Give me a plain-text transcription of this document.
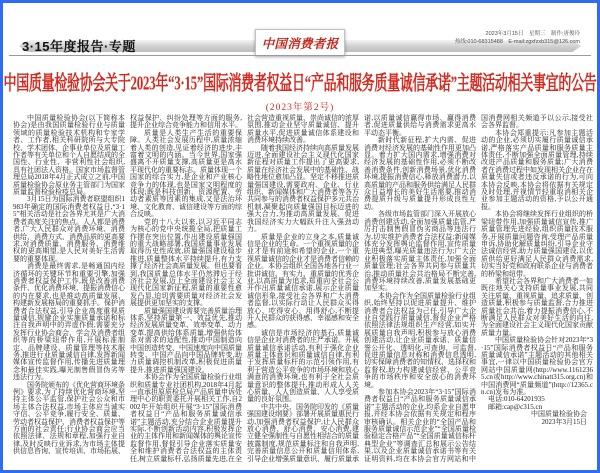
3·15年度报告·专题	中国消费者报
2023年3月15日　星期三　制作:唐俊玲
热线:010-68315488　E-mail:zgxfzxb315@126.com
中国质量检验协会关于2023年“3·15”国际消费者权益日“产品和服务质量诚信承诺”主题活动相关事宜的公告
(2023年第2号)

中国质量检验协会(以下简称本协会)是由我国质量检验行业与质量领域的质量检验技术机构和专家学者、工作者,相关科研院所与大专院校、学术团体、企事业单位及质量工作者等有关单位和个人自愿结成的全国性、行业性、非营利性社会组织,具有社团法人资格。国家市场监督管理总局2018年4月正式成立之前,中国质量检验协会原业务主管部门为国家质量监督检验检疫总局。

3月15日为国际消费者联盟组织1983年确定的国际消费者权益日,“3·15”相关活动是社会各界尤其是广大消费者高度关注的焦点。人人都是消费者,广大人民群众对消费环境、消费供给、消费方式、消费品质的更高要求,对消费质量、消费服务、消费维权的更高期望,是人民对美好生活需要的重要体现。

消费是最终需求,是畅通国内经济循环的关键环节和重要引擎,加强消费者权益保护工作,既是改善消费条件、优化消费环境、提振消费信心的内在要求,也是推动高质量发展、构建新发展格局的重要抓手。保护消费者合法权益,引导企业高度重视质量诚信,规避企业实施质量承诺和标注自我声明中的弄虚作假,需要充分发挥行业协会商会、学会及消费者组织等的桥梁纽带作用,开展标准制定、品牌建设、质量管理等技术服务,推进行业质量诚信自律,发挥新闻媒体宣传监督作用,传播先进质量理念和最佳实践,曝光制售假冒伪劣等违法行为。

国务院颁布的《优化营商环境条例》要求,为了持续优化营商环境,坚持主体公平监管,保护社会公众和市场主体合法权益,市场主体应当诚实守信、公平竞争,履行安全、质量、劳动者权益保护、消费者权益保护等方面的社会责任;行业协会商会应当依照法律、法规和章程,加强行业自律,及时反映行业诉求,为市场主体提供信息咨询、宣传培训、市场拓展、权益保护、纠纷处理等方面的服务,提升企业综合竞争能力和信用水平。

质量是人类生产生活的重要保障。人类社会发展历程中,质量浓缩着人类的创造,见证着经济的进步,丰富着文明的内涵。当今世界,国家强盛离不开质量支撑,高质量更是高水平现代化的重要标志。质量体现一个国家的综合实力,是企业和产业核心竞争力的体现,也是国家文明程度的体现;既是科技创新、资源配置、劳动者素质等因素的集成,又是法治环境、文化教育、诚信建设等方面的综合反映。

党的十八大以来,以习近平同志为核心的党中央统揽全局,把质量工作摆在突出位置,作出建设质量强国的重大战略部署,我国质量事业发展取得历史性成就,质量强国建设稳步推进,质量整体水平持续提升,有力支撑了经济社会高质量发展。但也要看到,我国质量总体水平仍然滞后于经济社会发展,迈上全面建设社会主义现代化国家新征程,质量的重要性愈发凸显,迫切需要质量对经济社会发展提供更加坚实的支撑。

质量强国建设需要完善质量治理体系,坚持质量第一、效益优先,推动经济发展质量变革、效率变革、动力变革,提高供给体系质量,增强供给体系对需求的适配性,推动中国制造向中国创造转变、中国速度向中国质量转变、中国产品向中国品牌转变,助力质量调控机制改革,积极促进质量提升,推进质量强国建设。

本协会作为全国质量检验行业组织和质量专业社团机构,2018年4月起一直承担原质检总局产品质量申诉处理中心的职责委托开展相关工作,自2002年开始组织开展“3·15”国际消费者权益日“产品和服务质量诚信承诺”主题活动,充分结合企业质量提升实际,不断创新活动内容,积极发挥企业的主体作用和新闻媒体的舆论宣传监督作用,督促引导企业落实质量安全和维护消费者合法权益的主体责任,树立质量标杆,弘扬质量先进,在全社会营造重视质量、崇尚诚信的浓厚氛围,推动企业坚守质量诚信、提升质量水平,促进质量诚信体系建设和消费环境持续改善。

随着我国经济持续向高质量发展迈进,全面建设社会主义现代化国家新征程对质量工作提出了更高要求,质量在经济社会发展中的基础性、战略性地位愈加凸显。坚定不移推进质量强国建设,需要政府、企业、行业组织、新闻媒体和广大消费者等各方共同参与的消费者权益保护多元共治机制,凝聚起向质量强国目标迈进的强大合力,为推动高质量发展、促进我国经济实力大幅跃升注入强劲动力。

质量是企业的立身之本,质量诚信是企业的生命。一个重视质量的企业才是有前途和希望的企业,一个重视质量诚信的企业才是消费者信赖的企业。本协会组织全国各地各行业一批讲诚信、有实力、重质量的优秀企业,以高质量为追求,郑重向全社会公开作出质量诚信承诺,展示企业质量诚信形象,接受社会各界和广大消费者监督,以实际行动让人民群众买得放心、吃得安心、用得舒心,不断提升人民群众的获得感、幸福感和安全感。

诚信是市场经济的基石,质量诚信是企业对消费者的庄严承诺。开展质量诚信承诺活动,有利于强化企业质量主体意识和质量诚信自律,有利于发挥质量标杆的示范引领作用,有利于营造公平竞争的市场环境和放心满意的消费环境,也有利于全社会质量意识的整体提升,推动形成人人关心质量、人人创造质量、人人享受质量的良好氛围。

中共中央、国务院印发的《质量强国建设纲要》部署开展质量惠民行动,加强消费者权益保护,让人民群众放心消费、舒心消费、安心消费,建立健全强制性与自愿性相结合的质量披露制度,规范质量标注和自我声明,完善质量信息公开和质量信用体系,引导企业增强质量意识、履行质量承诺,以质量诚信赢得市场、赢得消费者,促进质量供给与消费需求更高水平动态平衡。

新时代新征程,扩大内需、促进消费对经济发展的基础性作用更加凸显。着力扩大国内需求,增强消费对经济发展的基础性作用,必须不断改善消费条件,创新消费场景,优化消费环境,提振消费信心,释放消费潜力,以高质量的产品和服务供给满足人民群众日益增长的美好生活需要,推动消费提质升级与质量提升形成良性互动。

各级市场监管部门深入开展放心消费创建活动,全面加强质量监管,严厉打击制售假冒伪劣商品等违法行为,切实维护消费者合法权益;新闻媒体充分发挥舆论监督作用,宣传质量先进典型,曝光质量违法行为;广大企业积极落实质量主体责任,加强全面质量管理;社会各界共同参与质量共治,推动质量社会共治格局不断完善,消费环境持续改善,质量发展基础更加坚实。

本协会作为全国质量检验行业组织,始终坚持以促进质量提升、维护消费者合法权益为己任,引导广大企业自觉践行质量诚信,督促企业严格依照法律法规组织生产经营,如实开展质量自我声明,积极参与放心消费创建活动,让企业质量承诺、质量信誉公开化、透明化,可查询、可监督,促进质量信息对称和消费信息透明,切实保障消费者的知情权、选择权和监督权,助力构建诚信经营、公平竞争的市场秩序和安全放心的消费环境。

参加本协会2023年“3·15”国际消费者权益日“产品和服务质量诚信承诺”主题活动的企业,均系企业自愿申报,并经本协会依据有关规定和程序审核确认。相关企业的“全国产品和服务质量诚信示范企业”“全国质量检验稳定合格产品”“全国质量诚信标杆典型企业”等调查汇总和展示公告结果,以及企业质量诚信承诺书等有关证明资料,均在本协会官方网站和中国消费网相关频道予以公示,接受社会各界监督。

本协会郑重提示:凡参加主题活动的企业,必须切实履行质量诚信承诺,严格落实产品质量和服务质量主体责任,不断加强全面质量管理,持续改进产品质量和服务质量;广大消费者在消费过程中如发现相关企业存在质量失信或者违反承诺的行为,可向本协会反映,本协会将依据有关规定及时处理,并视情节轻重取消相关企业参加主题活动的资格,予以公开通报。

本协会将继续发挥行业组织的桥梁纽带作用,加强质量诚信宣传,推广质量管理先进经验,组织质量技术服务,开展质量问题咨询,受理产品质量申诉,协助化解质量纠纷,引导企业守法诚信经营,助力质量强国建设,以优质供给更好满足人民群众消费需求,切实当好党和政府联系企业与消费者的桥梁和纽带。

希望社会各界和广大消费者一如既往地关心支持质量事业发展,共同关注质量、重视质量、追求质量、创造质量,积极参与质量监督,合力推进质量社会共治,着力提振消费信心,不断满足人民群众对美好生活的向往,为全面建设社会主义现代化国家贡献质量力量。

中国质量检验协会针对2023年“3·15”国际消费者权益日“产品和服务质量诚信承诺”主题活动的其他相关事宜,一律以中国质量检验协会官方网站中国质量网(http://www.11612365.cn或http://www.chinatt315.org.cn)和中国消费网“质量频道”(http://12365.cn.cn)发布为准。

电话:010-64201935

邮箱:cap@c315.cn

中国质量检验协会

2023年3月15日
